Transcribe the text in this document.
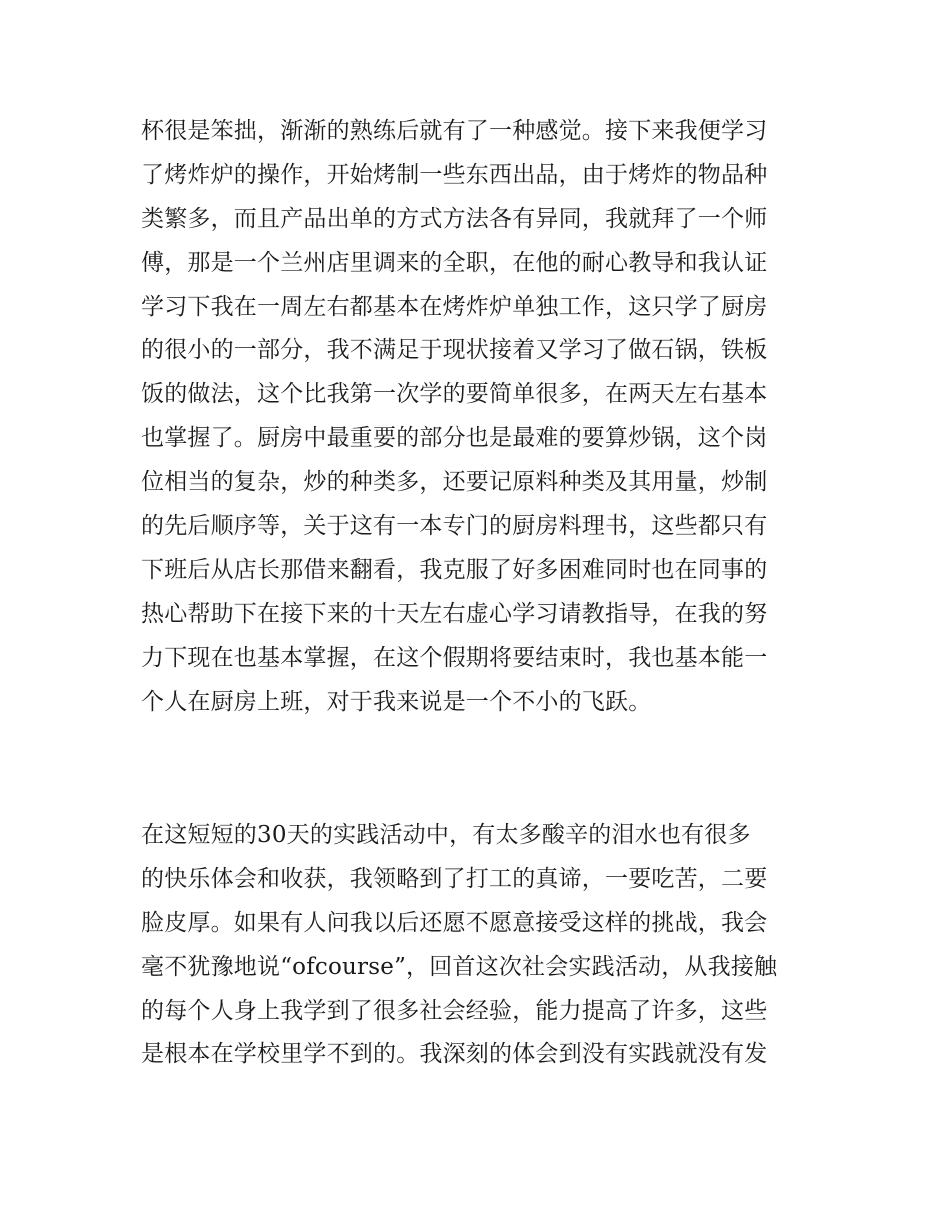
杯很是笨拙，渐渐的熟练后就有了一种感觉。接下来我便学习
了烤炸炉的操作，开始烤制一些东西出品，由于烤炸的物品种
类繁多，而且产品出单的方式方法各有异同，我就拜了一个师
傅，那是一个兰州店里调来的全职，在他的耐心教导和我认证
学习下我在一周左右都基本在烤炸炉单独工作，这只学了厨房
的很小的一部分，我不满足于现状接着又学习了做石锅，铁板
饭的做法，这个比我第一次学的要简单很多，在两天左右基本
也掌握了。厨房中最重要的部分也是最难的要算炒锅，这个岗
位相当的复杂，炒的种类多，还要记原料种类及其用量，炒制
的先后顺序等，关于这有一本专门的厨房料理书，这些都只有
下班后从店长那借来翻看，我克服了好多困难同时也在同事的
热心帮助下在接下来的十天左右虚心学习请教指导，在我的努
力下现在也基本掌握，在这个假期将要结束时，我也基本能一
个人在厨房上班，对于我来说是一个不小的飞跃。
在这短短的30天的实践活动中，有太多酸辛的泪水也有很多
的快乐体会和收获，我领略到了打工的真谛，一要吃苦，二要
脸皮厚。如果有人问我以后还愿不愿意接受这样的挑战，我会
毫不犹豫地说“ofcourse”，回首这次社会实践活动，从我接触
的每个人身上我学到了很多社会经验，能力提高了许多，这些
是根本在学校里学不到的。我深刻的体会到没有实践就没有发
